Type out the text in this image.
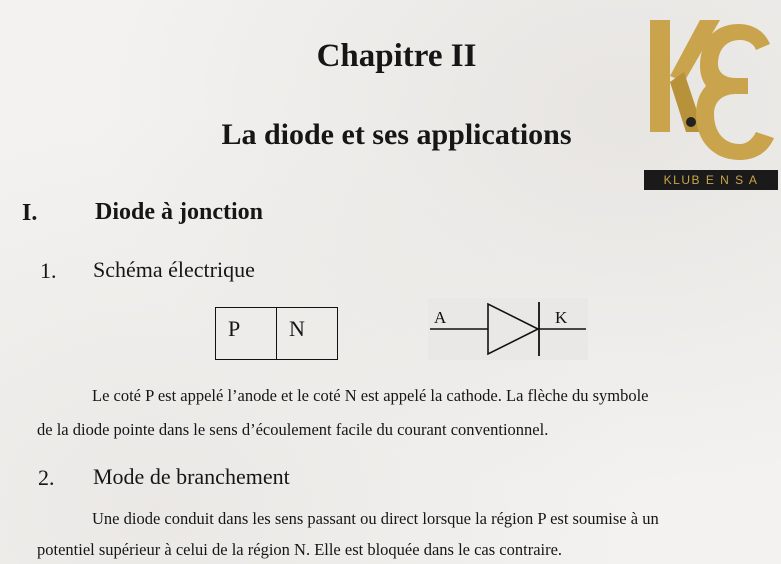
Chapitre II
La diode et ses applications
I. Diode à jonction
1. Schéma électrique
P N	A	K
Le coté P est appelé l’anode et le coté N est appelé la cathode. La flèche du symbole
de la diode pointe dans le sens d’écoulement facile du courant conventionnel.
2. Mode de branchement
Une diode conduit dans les sens passant ou direct lorsque la région P est soumise à un
potentiel supérieur à celui de la région N. Elle est bloquée dans le cas contraire.
KLUB E N S A
